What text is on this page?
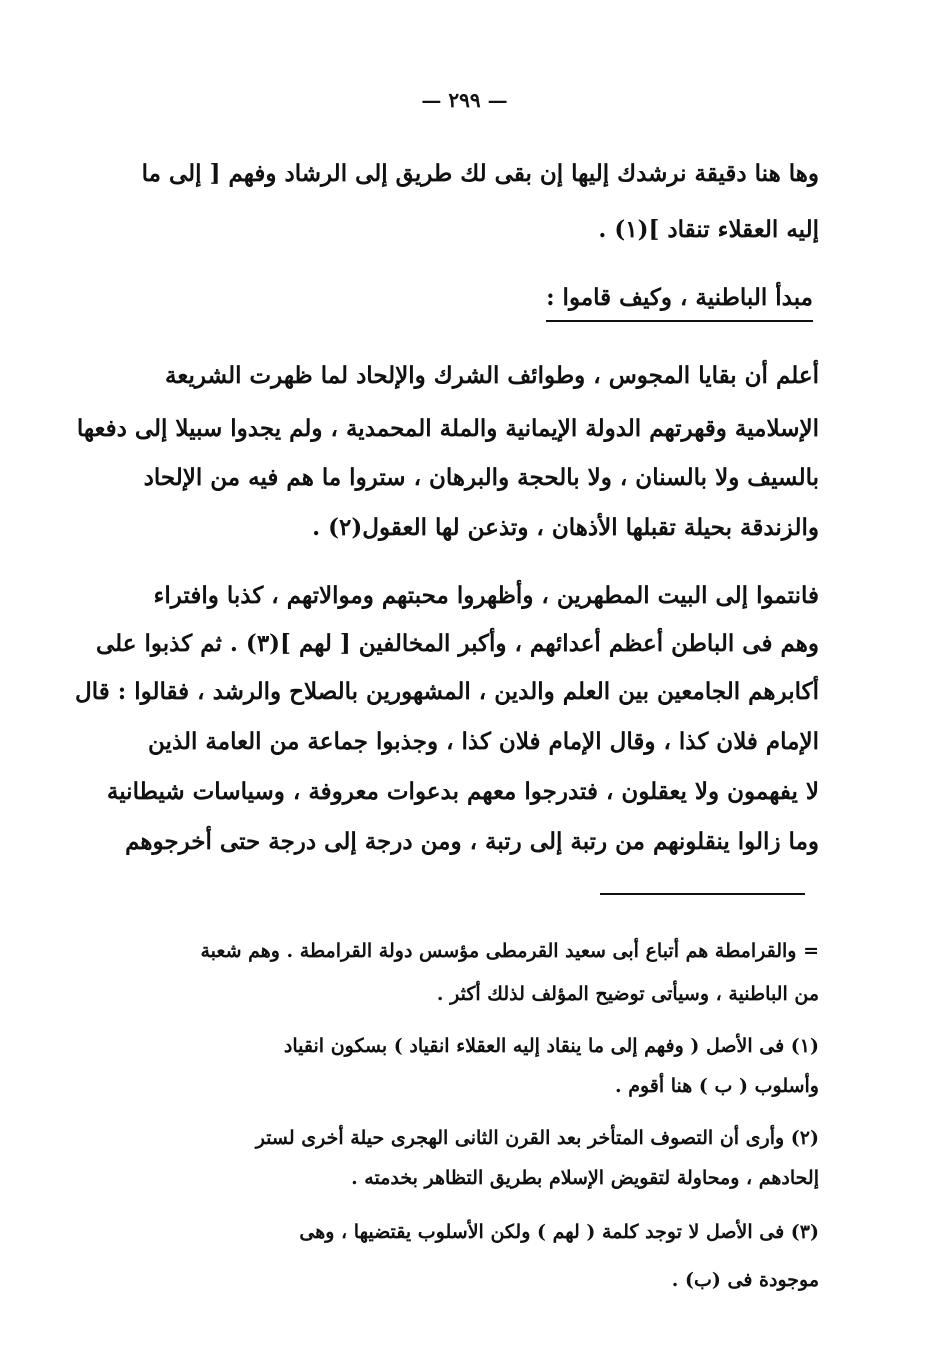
— ٢٩٩ —
وها هنا دقيقة نرشدك إليها إن بقى لك طريق إلى الرشاد وفهم [ إلى ما
إليه العقلاء تنقاد ](١) .
مبدأ الباطنية ، وكيف قاموا :
أعلم أن بقايا المجوس ، وطوائف الشرك والإلحاد لما ظهرت الشريعة
الإسلامية وقهرتهم الدولة الإيمانية والملة المحمدية ، ولم يجدوا سبيلا إلى دفعها
بالسيف ولا بالسنان ، ولا بالحجة والبرهان ، ستروا ما هم فيه من الإلحاد
والزندقة بحيلة تقبلها الأذهان ، وتذعن لها العقول(٢) .
فانتموا إلى البيت المطهرين ، وأظهروا محبتهم وموالاتهم ، كذبا وافتراء
وهم فى الباطن أعظم أعدائهم ، وأكبر المخالفين [ لهم ](٣) . ثم كذبوا على
أكابرهم الجامعين بين العلم والدين ، المشهورين بالصلاح والرشد ، فقالوا : قال
الإمام فلان كذا ، وقال الإمام فلان كذا ، وجذبوا جماعة من العامة الذين
لا يفهمون ولا يعقلون ، فتدرجوا معهم بدعوات معروفة ، وسياسات شيطانية
وما زالوا ينقلونهم من رتبة إلى رتبة ، ومن درجة إلى درجة حتى أخرجوهم
= والقرامطة هم أتباع أبى سعيد القرمطى مؤسس دولة القرامطة . وهم شعبة
من الباطنية ، وسيأتى توضيح المؤلف لذلك أكثر .
(١) فى الأصل ( وفهم إلى ما ينقاد إليه العقلاء انقياد ) بسكون انقياد
وأسلوب ( ب ) هنا أقوم .
(٢) وأرى أن التصوف المتأخر بعد القرن الثانى الهجرى حيلة أخرى لستر
إلحادهم ، ومحاولة لتقويض الإسلام بطريق التظاهر بخدمته .
(٣) فى الأصل لا توجد كلمة ( لهم ) ولكن الأسلوب يقتضيها ، وهى
موجودة فى (ب) .
